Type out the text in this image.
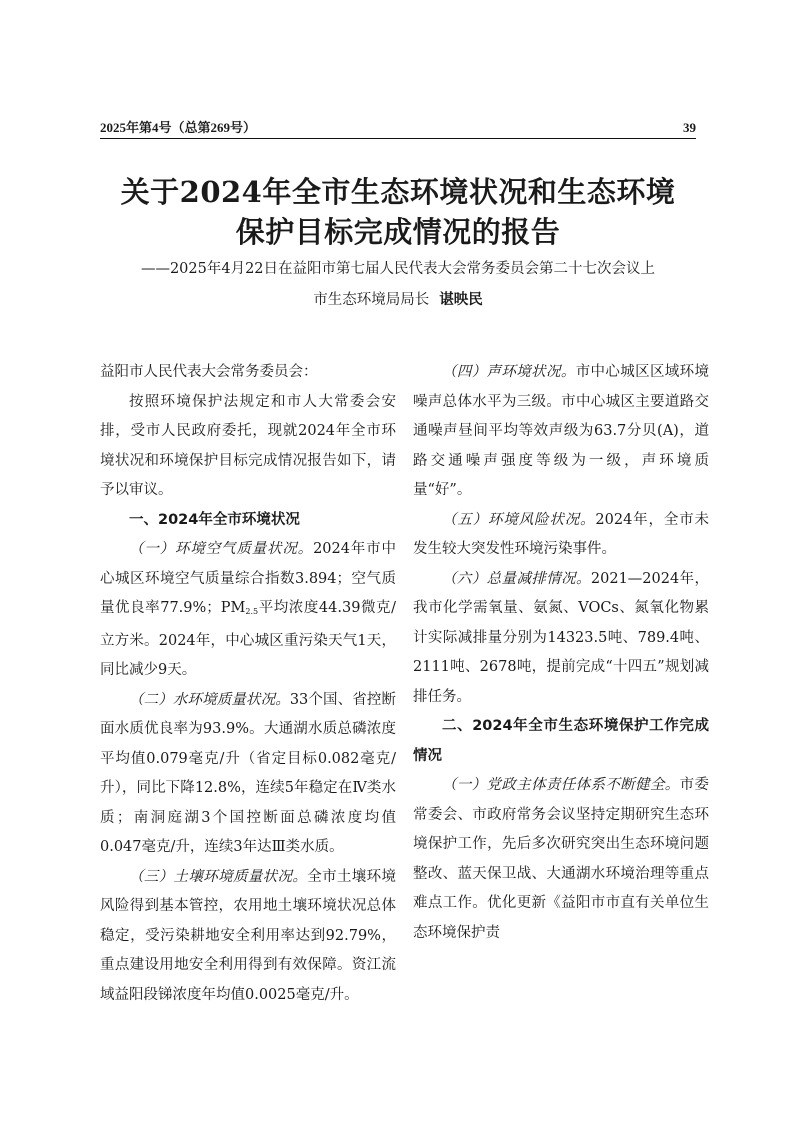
2025年第4号（总第269号）	39
关于2024年全市生态环境状况和生态环境
保护目标完成情况的报告
——2025年4月22日在益阳市第七届人民代表大会常务委员会第二十七次会议上
市生态环境局局长 谌映民

益阳市人民代表大会常务委员会：

按照环境保护法规定和市人大常委会安排，受市人民政府委托，现就2024年全市环境状况和环境保护目标完成情况报告如下，请予以审议。

一、2024年全市环境状况

（一）环境空气质量状况。2024年市中心城区环境空气质量综合指数3.894；空气质量优良率77.9%；$PM_{2.5}$平均浓度44.39微克/立方米。2024年，中心城区重污染天气1天，同比减少9天。

（二）水环境质量状况。33个国、省控断面水质优良率为93.9%。大通湖水质总磷浓度平均值0.079毫克/升（省定目标0.082毫克/升），同比下降12.8%，连续5年稳定在Ⅳ类水质；南洞庭湖3个国控断面总磷浓度均值0.047毫克/升，连续3年达Ⅲ类水质。

（三）土壤环境质量状况。全市土壤环境风险得到基本管控，农用地土壤环境状况总体稳定，受污染耕地安全利用率达到92.79%，重点建设用地安全利用得到有效保障。资江流域益阳段锑浓度年均值0.0025毫克/升。

（四）声环境状况。市中心城区区域环境噪声总体水平为三级。市中心城区主要道路交通噪声昼间平均等效声级为63.7分贝(A)，道路交通噪声强度等级为一级，声环境质量“好”。

（五）环境风险状况。2024年，全市未发生较大突发性环境污染事件。

（六）总量减排情况。2021—2024年，我市化学需氧量、氨氮、VOCs、氮氧化物累计实际减排量分别为14323.5吨、789.4吨、2111吨、2678吨，提前完成“十四五”规划减排任务。

二、2024年全市生态环境保护工作完成情况

（一）党政主体责任体系不断健全。市委常委会、市政府常务会议坚持定期研究生态环境保护工作，先后多次研究突出生态环境问题整改、蓝天保卫战、大通湖水环境治理等重点难点工作。优化更新《益阳市市直有关单位生态环境保护责
